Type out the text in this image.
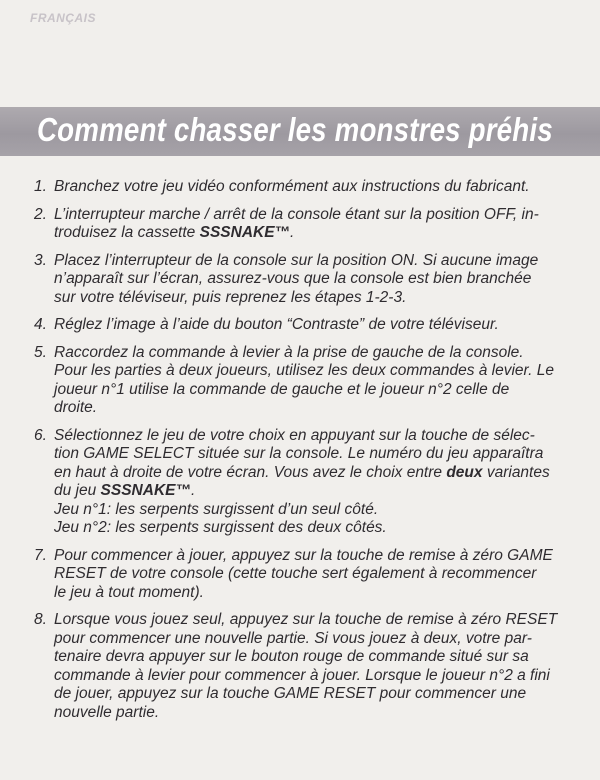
FRANÇAIS
Comment chasser les monstres préhis
1. Branchez votre jeu vidéo conformément aux instructions du fabricant.
2. L’interrupteur marche / arrêt de la console étant sur la position OFF, in-
troduisez la cassette SSSNAKE™.
3. Placez l’interrupteur de la console sur la position ON. Si aucune image
n’apparaît sur l’écran, assurez-vous que la console est bien branchée
sur votre téléviseur, puis reprenez les étapes 1-2-3.
4. Réglez l’image à l’aide du bouton “Contraste” de votre téléviseur.
5. Raccordez la commande à levier à la prise de gauche de la console.
Pour les parties à deux joueurs, utilisez les deux commandes à levier. Le
joueur n°1 utilise la commande de gauche et le joueur n°2 celle de
droite.
6. Sélectionnez le jeu de votre choix en appuyant sur la touche de sélec-
tion GAME SELECT située sur la console. Le numéro du jeu apparaîtra
en haut à droite de votre écran. Vous avez le choix entre deux variantes
du jeu SSSNAKE™.
Jeu n°1: les serpents surgissent d’un seul côté.
Jeu n°2: les serpents surgissent des deux côtés.
7. Pour commencer à jouer, appuyez sur la touche de remise à zéro GAME
RESET de votre console (cette touche sert également à recommencer
le jeu à tout moment).
8. Lorsque vous jouez seul, appuyez sur la touche de remise à zéro RESET
pour commencer une nouvelle partie. Si vous jouez à deux, votre par-
tenaire devra appuyer sur le bouton rouge de commande situé sur sa
commande à levier pour commencer à jouer. Lorsque le joueur n°2 a fini
de jouer, appuyez sur la touche GAME RESET pour commencer une
nouvelle partie.
